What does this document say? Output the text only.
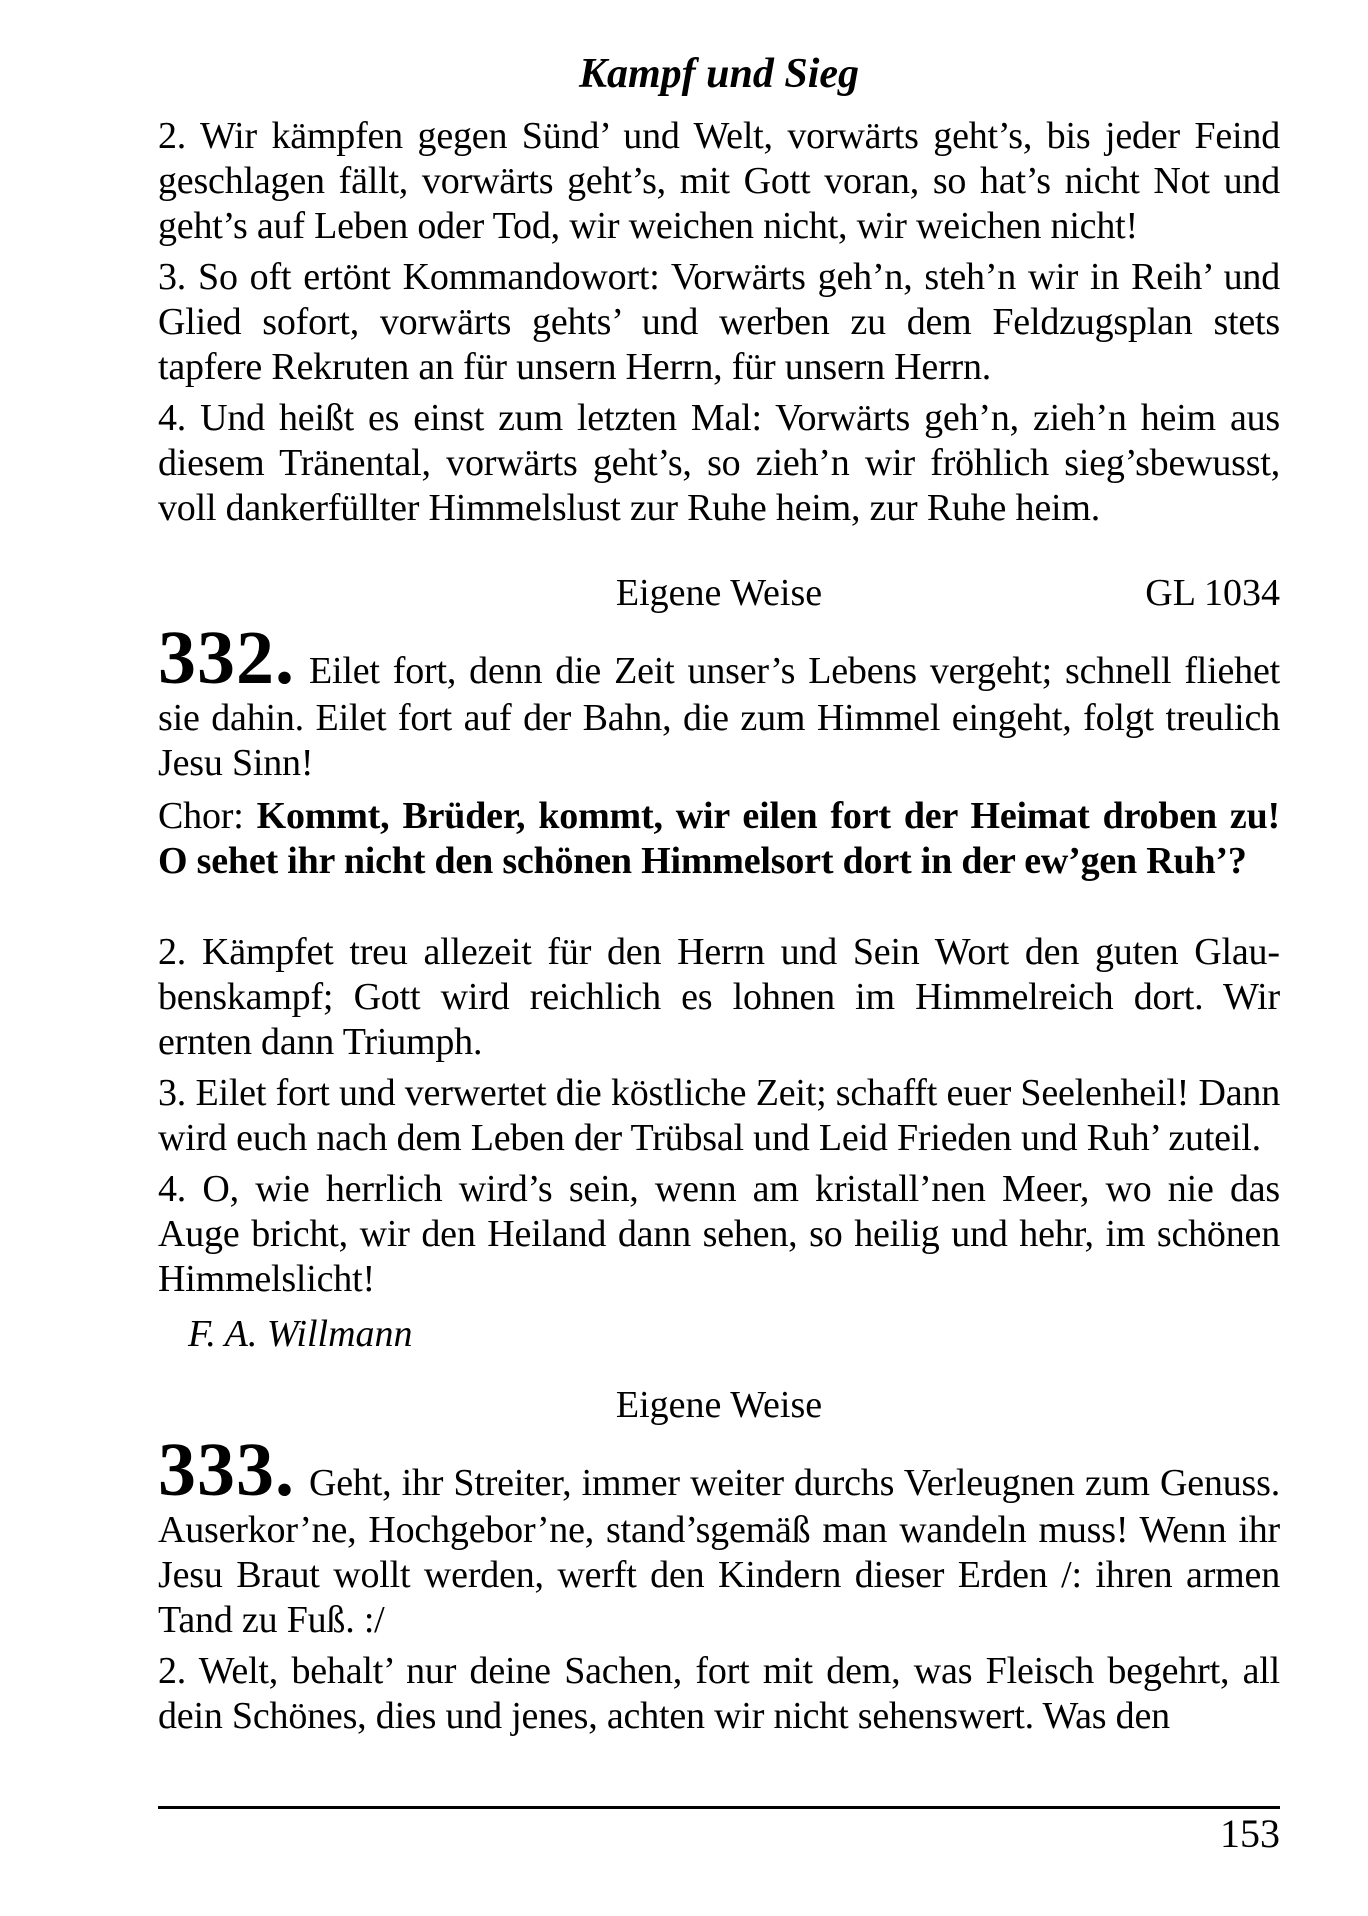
Kampf und Sieg

2. Wir kämpfen gegen Sünd’ und Welt, vorwärts geht’s, bis jeder Feind geschlagen fällt, vorwärts geht’s, mit Gott voran, so hat’s nicht Not und geht’s auf Leben oder Tod, wir weichen nicht, wir weichen nicht!

3. So oft ertönt Kommandowort: Vorwärts geh’n, steh’n wir in Reih’ und Glied sofort, vorwärts gehts’ und werben zu dem Feldzugsplan stets tapfere Rekruten an für unsern Herrn, für unsern Herrn.

4. Und heißt es einst zum letzten Mal: Vorwärts geh’n, zieh’n heim aus diesem Tränental, vorwärts geht’s, so zieh’n wir fröhlich sieg’sbewusst, voll dankerfüllter Himmelslust zur Ruhe heim, zur Ruhe heim.

Eigene Weise	GL 1034

332. Eilet fort, denn die Zeit unser’s Lebens vergeht; schnell fliehet sie dahin. Eilet fort auf der Bahn, die zum Himmel eingeht, folgt treulich Jesu Sinn!

Chor: Kommt, Brüder, kommt, wir eilen fort der Heimat droben zu! O sehet ihr nicht den schönen Himmelsort dort in der ew’gen Ruh’?

2. Kämpfet treu allezeit für den Herrn und Sein Wort den guten Glaubenskampf; Gott wird reichlich es lohnen im Himmelreich dort. Wir ernten dann Triumph.

3. Eilet fort und verwertet die köstliche Zeit; schafft euer Seelenheil! Dann wird euch nach dem Leben der Trübsal und Leid Frieden und Ruh’ zuteil.

4. O, wie herrlich wird’s sein, wenn am kristall’nen Meer, wo nie das Auge bricht, wir den Heiland dann sehen, so heilig und hehr, im schönen Himmelslicht!

F. A. Willmann

Eigene Weise

333. Geht, ihr Streiter, immer weiter durchs Verleugnen zum Genuss. Auserkor’ne, Hochgebor’ne, stand’sgemäß man wandeln muss! Wenn ihr Jesu Braut wollt werden, werft den Kindern dieser Erden /: ihren armen Tand zu Fuß. :/

2. Welt, behalt’ nur deine Sachen, fort mit dem, was Fleisch begehrt, all dein Schönes, dies und jenes, achten wir nicht sehenswert. Was den

153
